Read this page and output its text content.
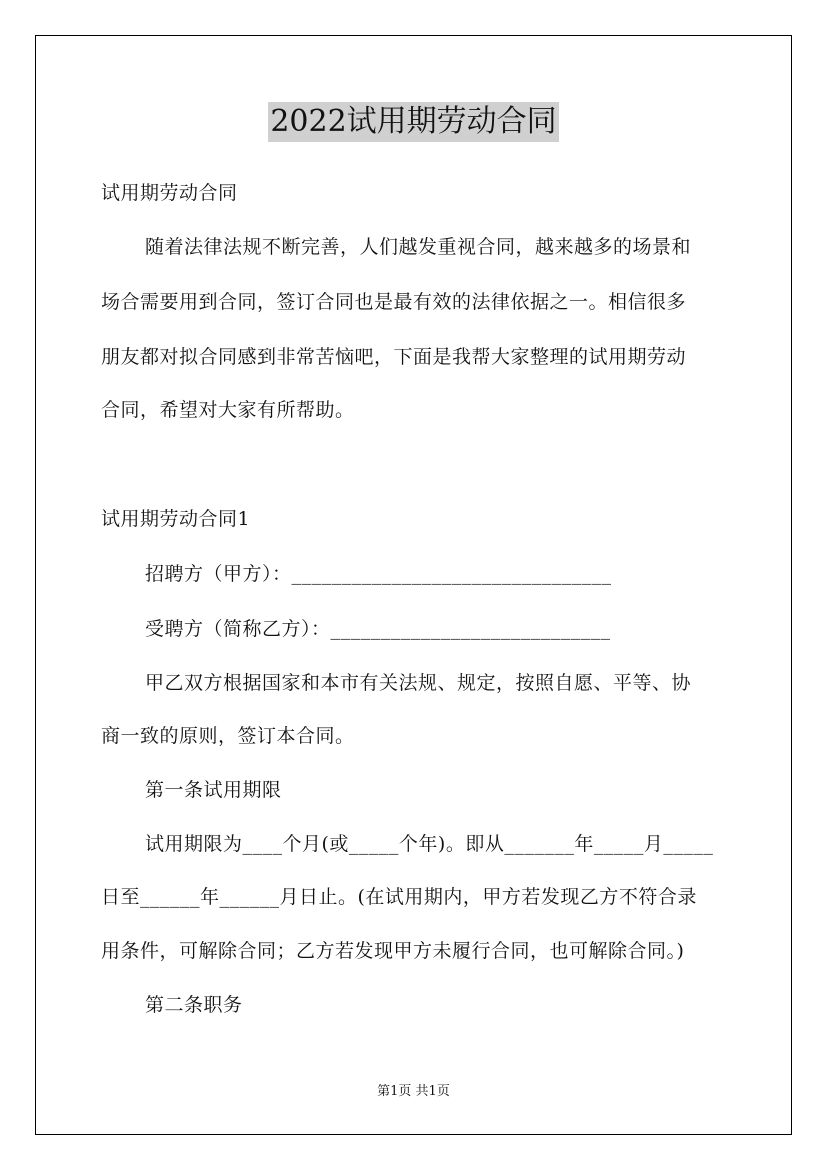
2022试用期劳动合同
试用期劳动合同
随着法律法规不断完善，人们越发重视合同，越来越多的场景和
场合需要用到合同，签订合同也是最有效的法律依据之一。相信很多
朋友都对拟合同感到非常苦恼吧，下面是我帮大家整理的试用期劳动
合同，希望对大家有所帮助。
试用期劳动合同1
招聘方（甲方）：________________________________
受聘方（简称乙方）：____________________________
甲乙双方根据国家和本市有关法规、规定，按照自愿、平等、协
商一致的原则，签订本合同。
第一条试用期限
试用期限为____个月(或_____个年)。即从_______年_____月_____
日至______年______月日止。(在试用期内，甲方若发现乙方不符合录
用条件，可解除合同；乙方若发现甲方未履行合同，也可解除合同。)
第二条职务
第1页 共1页
